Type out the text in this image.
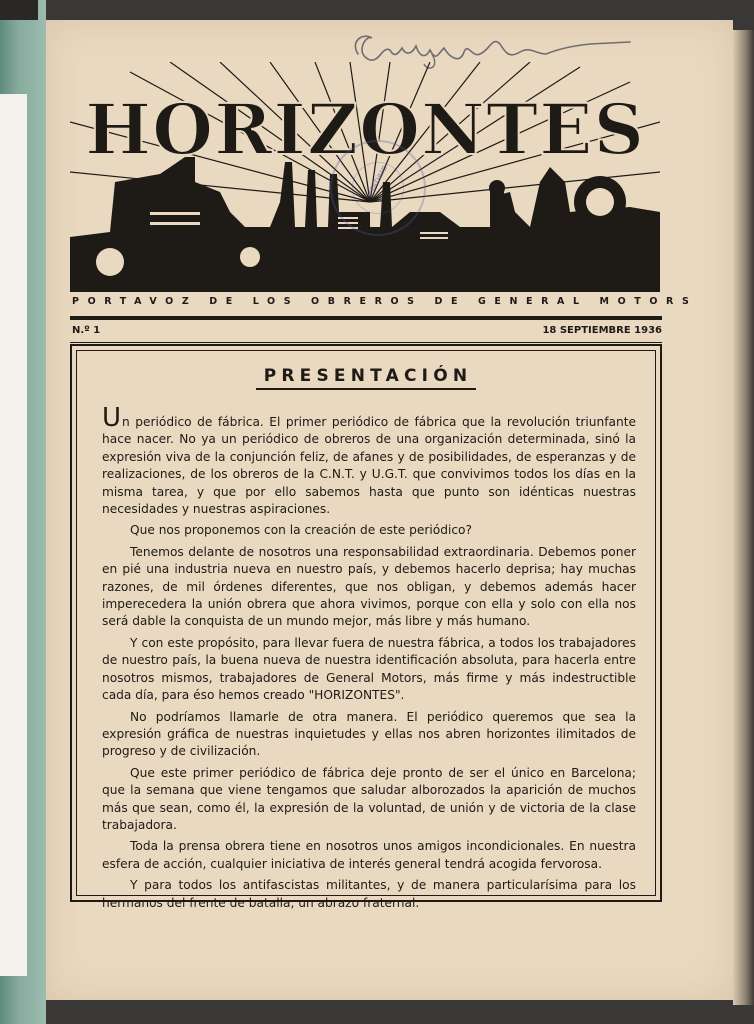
HORIZONTES
MADRID
PORTAVOZ DE LOS OBREROS DE GENERAL MOTORS
N.º 1	18 SEPTIEMBRE 1936
PRESENTACIÓN

Un periódico de fábrica. El primer periódico de fábrica que la revolución triunfante hace nacer. No ya un periódico de obreros de una organización determinada, sinó la expresión viva de la conjunción feliz, de afanes y de posibilidades, de esperanzas y de realizaciones, de los obreros de la C.N.T. y U.G.T. que convivimos todos los días en la misma tarea, y que por ello sabemos hasta que punto son idénticas nuestras necesidades y nuestras aspiraciones.

Que nos proponemos con la creación de este periódico?

Tenemos delante de nosotros una responsabilidad extraordinaria. Debemos poner en pié una industria nueva en nuestro país, y debemos hacerlo deprisa; hay muchas razones, de mil órdenes diferentes, que nos obligan, y debemos además hacer imperecedera la unión obrera que ahora vivimos, porque con ella y solo con ella nos será dable la conquista de un mundo mejor, más libre y más humano.

Y con este propósito, para llevar fuera de nuestra fábrica, a todos los trabajadores de nuestro país, la buena nueva de nuestra identificación absoluta, para hacerla entre nosotros mismos, trabajadores de General Motors, más firme y más indestructible cada día, para éso hemos creado "HORIZONTES".

No podríamos llamarle de otra manera. El periódico queremos que sea la expresión gráfica de nuestras inquietudes y ellas nos abren horizontes ilimitados de progreso y de civilización.

Que este primer periódico de fábrica deje pronto de ser el único en Barcelona; que la semana que viene tengamos que saludar alborozados la aparición de muchos más que sean, como él, la expresión de la voluntad, de unión y de victoria de la clase trabajadora.

Toda la prensa obrera tiene en nosotros unos amigos incondicionales. En nuestra esfera de acción, cualquier iniciativa de interés general tendrá acogida fervorosa.

Y para todos los antifascistas militantes, y de manera particularísima para los hermanos del frente de batalla, un abrazo fraternal.
